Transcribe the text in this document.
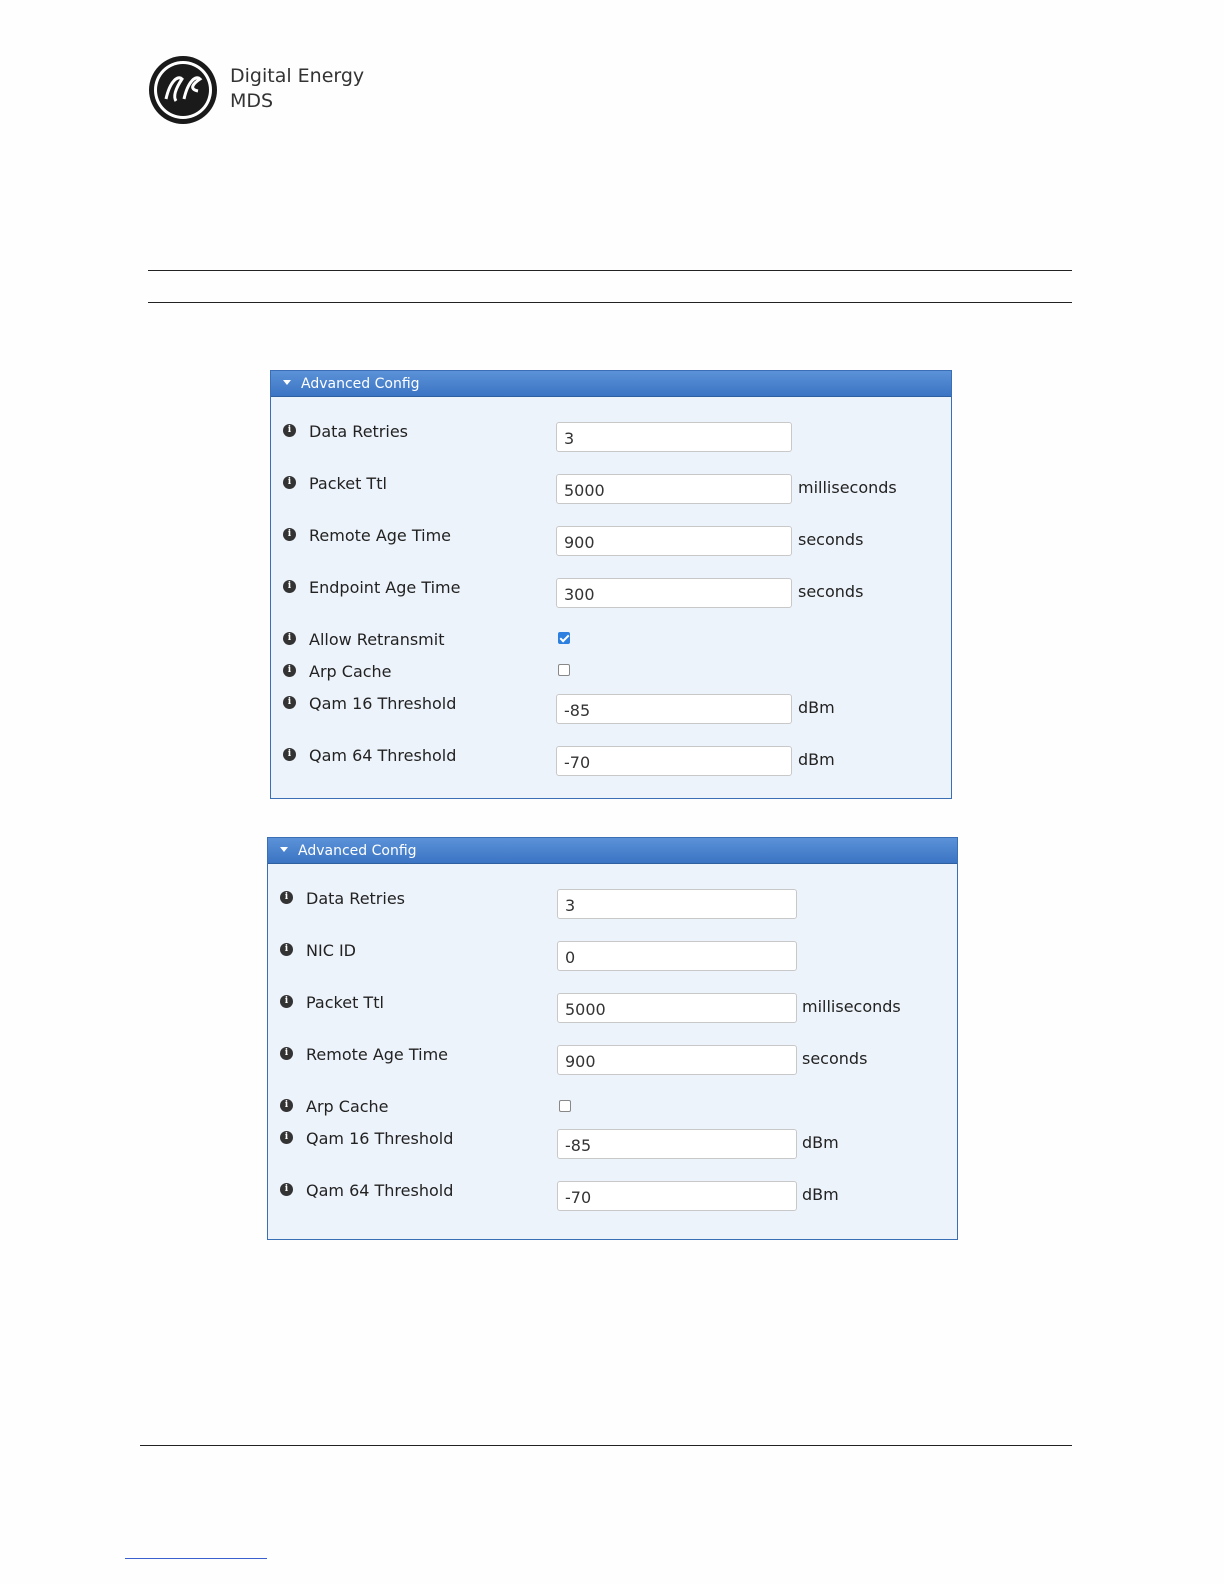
Digital Energy
MDS
Advanced Config
i Data Retries	3
i Packet Ttl	5000	milliseconds
i Remote Age Time	900	seconds
i Endpoint Age Time	300	seconds
i Allow Retransmit
i Arp Cache
i Qam 16 Threshold	-85	dBm
i Qam 64 Threshold	-70	dBm
Advanced Config
i Data Retries	3
i NIC ID	0
i Packet Ttl	5000	milliseconds
i Remote Age Time	900	seconds
i Arp Cache
i Qam 16 Threshold	-85	dBm
i Qam 64 Threshold	-70	dBm
